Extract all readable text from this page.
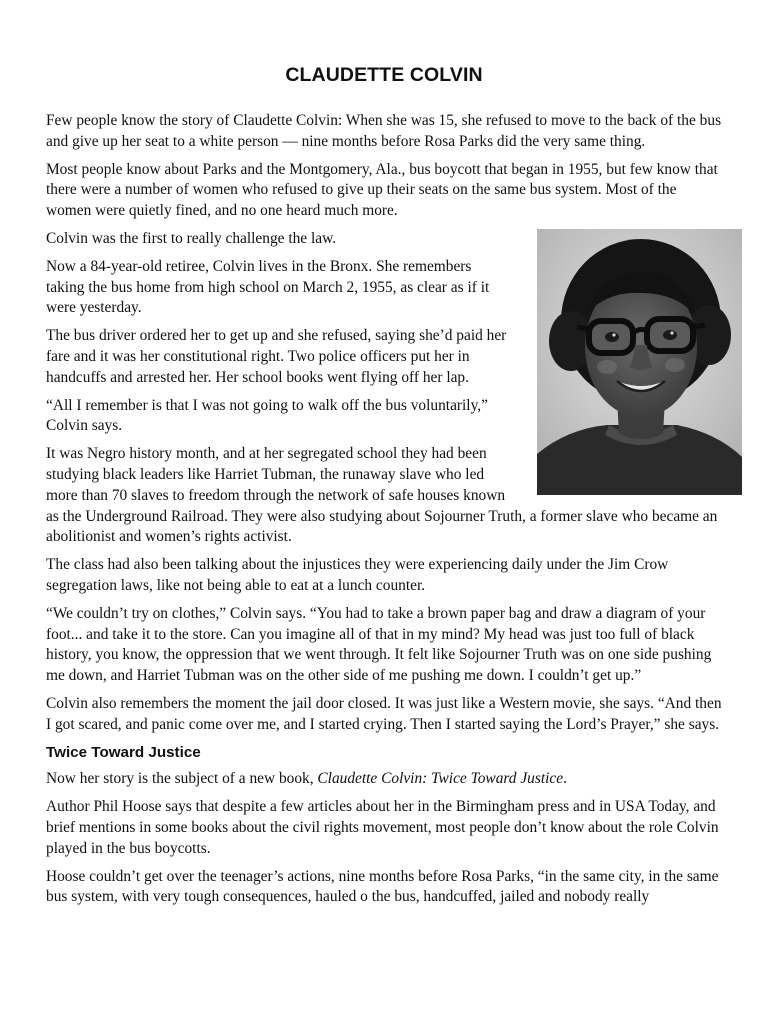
CLAUDETTE COLVIN

Few people know the story of Claudette Colvin: When she was 15, she refused to move to the back of the bus and give up her seat to a white person — nine months before Rosa Parks did the very same thing.

Most people know about Parks and the Montgomery, Ala., bus boycott that began in 1955, but few know that there were a number of women who refused to give up their seats on the same bus system. Most of the women were quietly fined, and no one heard much more.

Colvin was the first to really challenge the law.

Now a 84-year-old retiree, Colvin lives in the Bronx. She remembers taking the bus home from high school on March 2, 1955, as clear as if it were yesterday.

The bus driver ordered her to get up and she refused, saying she’d paid her fare and it was her constitutional right. Two police officers put her in handcuffs and arrested her. Her school books went flying off her lap.

“All I remember is that I was not going to walk off the bus voluntarily,” Colvin says.

It was Negro history month, and at her segregated school they had been studying black leaders like Harriet Tubman, the runaway slave who led more than 70 slaves to freedom through the network of safe houses known as the Underground Railroad. They were also studying about Sojourner Truth, a former slave who became an abolitionist and women’s rights activist.

The class had also been talking about the injustices they were experiencing daily under the Jim Crow segregation laws, like not being able to eat at a lunch counter.

“We couldn’t try on clothes,” Colvin says. “You had to take a brown paper bag and draw a diagram of your foot... and take it to the store. Can you imagine all of that in my mind? My head was just too full of black history, you know, the oppression that we went through. It felt like Sojourner Truth was on one side pushing me down, and Harriet Tubman was on the other side of me pushing me down. I couldn’t get up.”

Colvin also remembers the moment the jail door closed. It was just like a Western movie, she says. “And then I got scared, and panic come over me, and I started crying. Then I started saying the Lord’s Prayer,” she says.

Twice Toward Justice

Now her story is the subject of a new book, Claudette Colvin: Twice Toward Justice.

Author Phil Hoose says that despite a few articles about her in the Birmingham press and in USA Today, and brief mentions in some books about the civil rights movement, most people don’t know about the role Colvin played in the bus boycotts.

Hoose couldn’t get over the teenager’s actions, nine months before Rosa Parks, “in the same city, in the same bus system, with very tough consequences, hauled o the bus, handcuffed, jailed and nobody really
